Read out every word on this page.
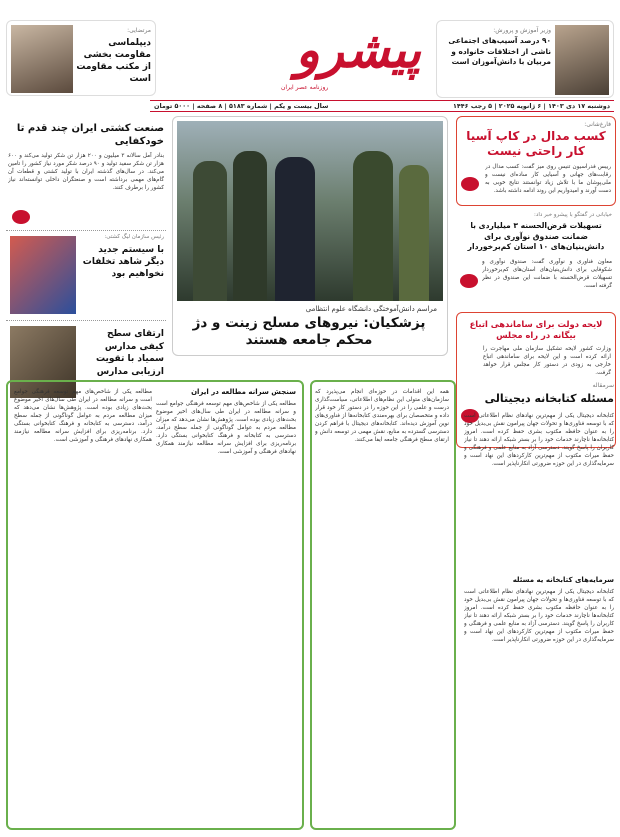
مرتضایی:
دیپلماسی مقاومت بخشی از مکتب مقاومت است	پیشرو
روزنامه عصر ایران
وزیر آموزش و پرورش:
۹۰ درصد آسیب‌های اجتماعی ناشی از اختلافات خانواده و مربیان با دانش‌آموزان است
سال بیست و یکم | شماره ۵۱۸۳ | ۸ صفحه | ۵۰۰۰ تومان	دوشنبه ۱۷ دی ۱۴۰۳ | ۶ ژانویه ۲۰۲۵ | ۵ رجب ۱۴۴۶
صنعت کشتی ایران چند قدم تا خودکفایی
بنادر آمل سالانه ۳ میلیون و ۲۰۰ هزار تن شکر تولید می‌کند و ۶۰۰ هزار تن شکر سفید تولید و ۹۰ درصد شکر مورد نیاز کشور را تامین می‌کند. در سال‌های گذشته ایران با تولید کشتی و قطعات آن گام‌های مهمی برداشته است و صنعتگران داخلی توانسته‌اند نیاز کشور را برطرف کنند.
رئیس سازمان لیگ کشتی:
با سیستم جدید دیگر شاهد تخلفات نخواهیم بود
ارتقای سطح کیفی مدارس سمیاد با تقویت ارزیابی مدارس
مراسم دانش‌آموختگی دانشگاه علوم انتظامی
پزشکیان: نیروهای مسلح زینت و دژ محکم جامعه هستند
فارغ‌شانی:
کسب مدال در کاپ آسیا کار راحتی نیست
رییس فدراسیون تنیس روی میز گفت: کسب مدال در رقابت‌های جهانی و آسیایی کار ساده‌ای نیست و ملی‌پوشان ما با تلاش زیاد توانستند نتایج خوبی به دست آورند و امیدواریم این روند ادامه داشته باشد.
خیابانی در گفتگو با پیشرو خبر داد:
تسهیلات قرض‌الحسنه ۳ میلیاردی با ضمانت صندوق نوآوری برای دانش‌بنیان‌های ۱۰ استان کم‌برخوردار
معاون فناوری و نوآوری گفت: صندوق نوآوری و شکوفایی برای دانش‌بنیان‌های استان‌های کم‌برخوردار تسهیلات قرض‌الحسنه با ضمانت این صندوق در نظر گرفته است.
لایحه دولت برای ساماندهی اتباع بیگانه در راه مجلس
وزارت کشور لایحه تشکیل سازمان ملی مهاجرت را ارائه کرده است و این لایحه برای ساماندهی اتباع خارجی به زودی در دستور کار مجلس قرار خواهد گرفت.
سرمقاله
مسئله کتابخانه دیجیتالی
کتابخانه دیجیتال یکی از مهم‌ترین نهادهای نظام اطلاعاتی است که با توسعه فناوری‌ها و تحولات جهان پیرامون نقش بی‌بدیل خود را به عنوان حافظه مکتوب بشری حفظ کرده است. امروز کتابخانه‌ها ناچارند خدمات خود را بر بستر شبکه ارائه دهند تا نیاز کاربران را پاسخ گویند. دسترسی آزاد به منابع علمی و فرهنگی و حفظ میراث مکتوب از مهم‌ترین کارکردهای این نهاد است و سرمایه‌گذاری در این حوزه ضرورتی انکارناپذیر است.
سرمایه‌های کتابخانه یه مسئله
کتابخانه دیجیتال یکی از مهم‌ترین نهادهای نظام اطلاعاتی است که با توسعه فناوری‌ها و تحولات جهان پیرامون نقش بی‌بدیل خود را به عنوان حافظه مکتوب بشری حفظ کرده است. امروز کتابخانه‌ها ناچارند خدمات خود را بر بستر شبکه ارائه دهند تا نیاز کاربران را پاسخ گویند. دسترسی آزاد به منابع علمی و فرهنگی و حفظ میراث مکتوب از مهم‌ترین کارکردهای این نهاد است و سرمایه‌گذاری در این حوزه ضرورتی انکارناپذیر است.
همه این اقدامات در حوزه‌ای انجام می‌پذیرد که سازمان‌های متولی این نظام‌های اطلاعاتی، سیاست‌گذاری درست و علمی را در این حوزه را در دستور کار خود قرار داده و متخصصان برای بهره‌مندی کتابخانه‌ها از فناوری‌های نوین آموزش دیده‌اند. کتابخانه‌های دیجیتال با فراهم کردن دسترسی گسترده به منابع، نقش مهمی در توسعه دانش و ارتقای سطح فرهنگی جامعه ایفا می‌کنند.
سنجش سرانه مطالعه در ایران
مطالعه یکی از شاخص‌های مهم توسعه فرهنگی جوامع است و سرانه مطالعه در ایران طی سال‌های اخیر موضوع بحث‌های زیادی بوده است. پژوهش‌ها نشان می‌دهد که میزان مطالعه مردم به عوامل گوناگونی از جمله سطح درآمد، دسترسی به کتابخانه و فرهنگ کتابخوانی بستگی دارد. برنامه‌ریزی برای افزایش سرانه مطالعه نیازمند همکاری نهادهای فرهنگی و آموزشی است.
مطالعه یکی از شاخص‌های مهم توسعه فرهنگی جوامع است و سرانه مطالعه در ایران طی سال‌های اخیر موضوع بحث‌های زیادی بوده است. پژوهش‌ها نشان می‌دهد که میزان مطالعه مردم به عوامل گوناگونی از جمله سطح درآمد، دسترسی به کتابخانه و فرهنگ کتابخوانی بستگی دارد. برنامه‌ریزی برای افزایش سرانه مطالعه نیازمند همکاری نهادهای فرهنگی و آموزشی است.
